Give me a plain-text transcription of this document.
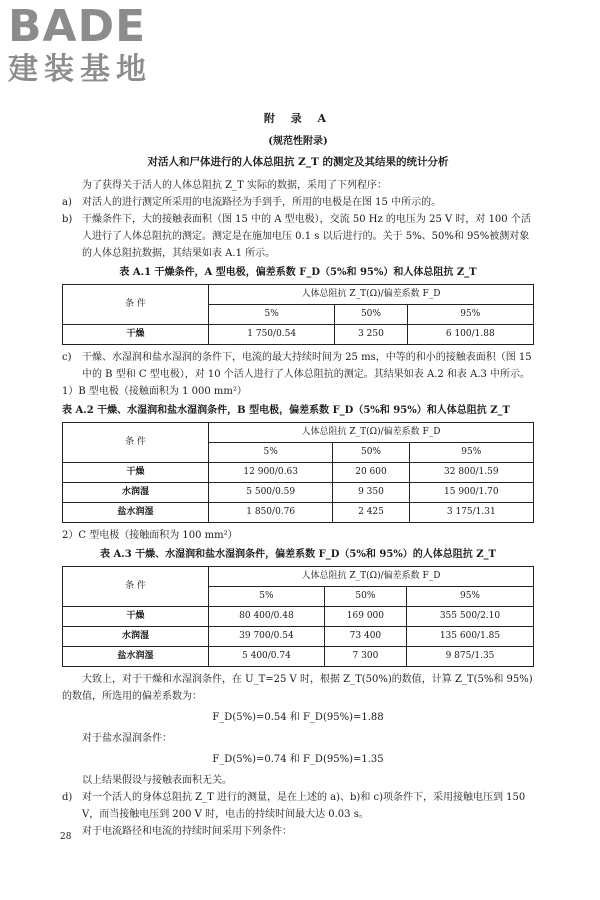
BADE
建装基地
附 录 A
(规范性附录)
对活人和尸体进行的人体总阻抗 Z_T 的测定及其结果的统计分析

为了获得关于活人的人体总阻抗 Z_T 实际的数据，采用了下列程序：

a) 对活人的进行测定所采用的电流路径为手到手，所用的电极是在图 15 中所示的。
b) 干燥条件下，大的接触表面积（图 15 中的 A 型电极），交流 50 Hz 的电压为 25 V 时，对 100 个活人进行了人体总阻抗的测定。测定是在施加电压 0.1 s 以后进行的。关于 5%、50%和 95%被测对象的人体总阻抗数据，其结果如表 A.1 所示。
表 A.1 干燥条件，A 型电极，偏差系数 F_D（5%和 95%）和人体总阻抗 Z_T
条 件	人体总阻抗 Z_T(Ω)/偏差系数 F_D		
	5%	50%	95%
干燥	1 750/0.54	3 250	6 100/1.88
c) 干燥、水湿润和盐水湿润的条件下，电流的最大持续时间为 25 ms，中等的和小的接触表面积（图 15 中的 B 型和 C 型电极），对 10 个活人进行了人体总阻抗的测定。其结果如表 A.2 和表 A.3 中所示。

1）B 型电极（接触面积为 1 000 mm²）

表 A.2 干燥、水湿润和盐水湿润条件，B 型电极，偏差系数 F_D（5%和 95%）和人体总阻抗 Z_T
条 件	人体总阻抗 Z_T(Ω)/偏差系数 F_D		
	5%	50%	95%
干燥	12 900/0.63	20 600	32 800/1.59
水润湿	5 500/0.59	9 350	15 900/1.70
盐水润湿	1 850/0.76	2 425	3 175/1.31

2）C 型电极（接触面积为 100 mm²）

表 A.3 干燥、水湿润和盐水湿润条件，偏差系数 F_D（5%和 95%）的人体总阻抗 Z_T
条 件	人体总阻抗 Z_T(Ω)/偏差系数 F_D		
	5%	50%	95%
干燥	80 400/0.48	169 000	355 500/2.10
水润湿	39 700/0.54	73 400	135 600/1.85
盐水润湿	5 400/0.74	7 300	9 875/1.35

大致上，对于干燥和水湿润条件，在 U_T=25 V 时，根据 Z_T(50%)的数值，计算 Z_T(5%和 95%)的数值，所选用的偏差系数为：

F_D(5%)=0.54 和 F_D(95%)=1.88

对于盐水湿润条件：

F_D(5%)=0.74 和 F_D(95%)=1.35

以上结果假设与接触表面积无关。

d) 对一个活人的身体总阻抗 Z_T 进行的测量，是在上述的 a)、b)和 c)项条件下，采用接触电压到 150 V，而当接触电压到 200 V 时，电击的持续时间最大达 0.03 s。

对于电流路径和电流的持续时间采用下列条件：

28
